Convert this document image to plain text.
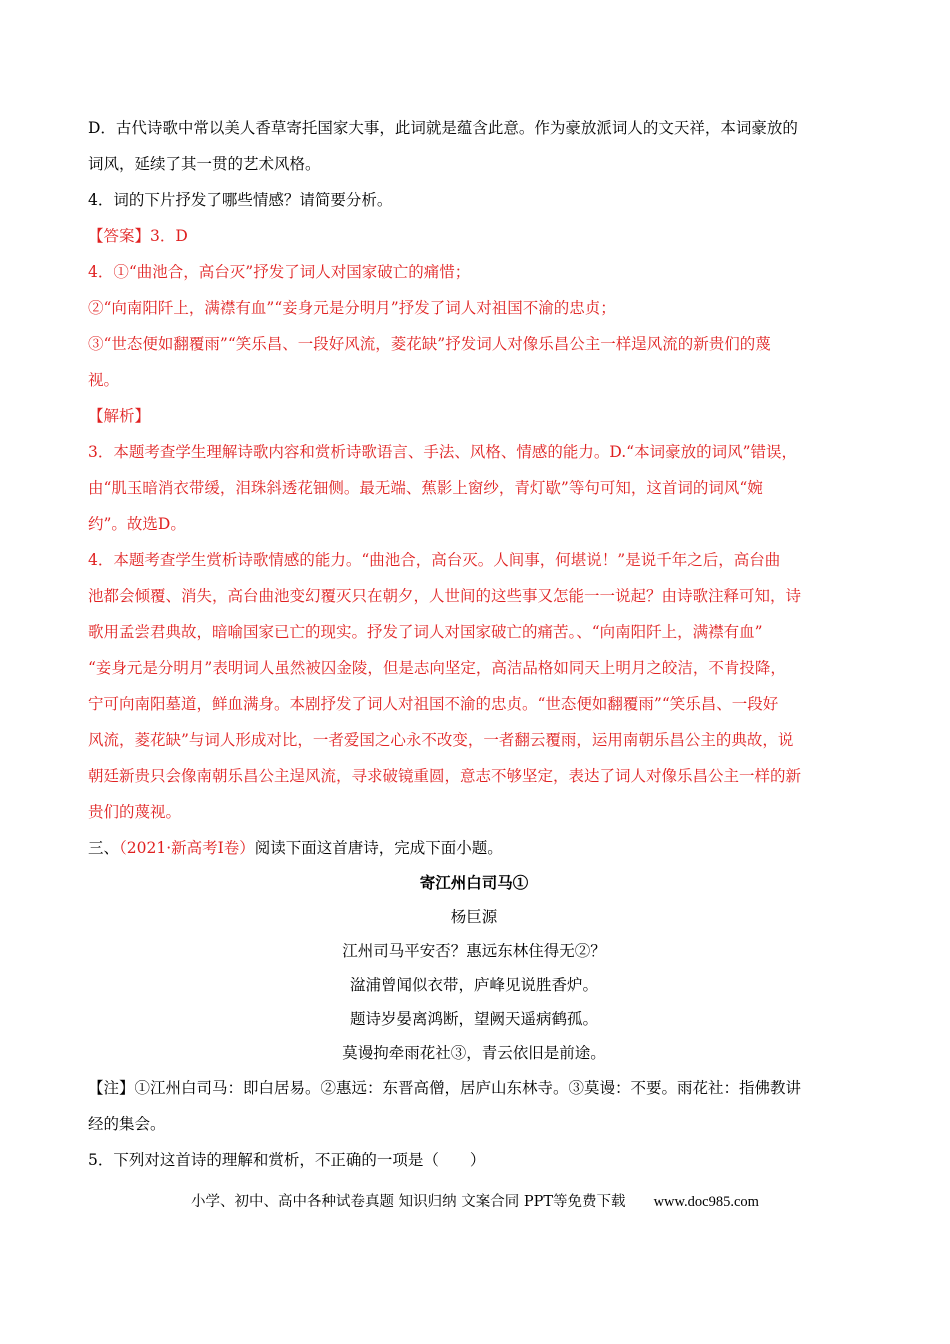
D．古代诗歌中常以美人香草寄托国家大事，此词就是蕴含此意。作为豪放派词人的文天祥，本词豪放的

词风，延续了其一贯的艺术风格。

4．词的下片抒发了哪些情感？请简要分析。

【答案】3．D

4．①“曲池合，高台灭”抒发了词人对国家破亡的痛惜；

②“向南阳阡上，满襟有血”“妾身元是分明月”抒发了词人对祖国不渝的忠贞；

③“世态便如翻覆雨”“笑乐昌、一段好风流，菱花缺”抒发词人对像乐昌公主一样逞风流的新贵们的蔑

视。

【解析】

3．本题考查学生理解诗歌内容和赏析诗歌语言、手法、风格、情感的能力。D.“本词豪放的词风”错误，

由“肌玉暗消衣带缓，泪珠斜透花钿侧。最无端、蕉影上窗纱，青灯歇”等句可知，这首词的词风“婉

约”。故选D。

4．本题考查学生赏析诗歌情感的能力。“曲池合，高台灭。人间事，何堪说！”是说千年之后，高台曲

池都会倾覆、消失，高台曲池变幻覆灭只在朝夕，人世间的这些事又怎能一一说起？由诗歌注释可知，诗

歌用孟尝君典故，暗喻国家已亡的现实。抒发了词人对国家破亡的痛苦。、“向南阳阡上，满襟有血”

“妾身元是分明月”表明词人虽然被囚金陵，但是志向坚定，高洁品格如同天上明月之皎洁，不肯投降，

宁可向南阳墓道，鲜血满身。本剧抒发了词人对祖国不渝的忠贞。“世态便如翻覆雨”“笑乐昌、一段好

风流，菱花缺”与词人形成对比，一者爱国之心永不改变，一者翻云覆雨，运用南朝乐昌公主的典故，说

朝廷新贵只会像南朝乐昌公主逞风流，寻求破镜重圆，意志不够坚定，表达了词人对像乐昌公主一样的新

贵们的蔑视。

三、（2021·新高考I卷）阅读下面这首唐诗，完成下面小题。

寄江州白司马①

杨巨源

江州司马平安否？惠远东林住得无②？

湓浦曾闻似衣带，庐峰见说胜香炉。

题诗岁晏离鸿断，望阙天遥病鹤孤。

莫谩拘牵雨花社③，青云依旧是前途。

【注】①江州白司马：即白居易。②惠远：东晋高僧，居庐山东林寺。③莫谩：不要。雨花社：指佛教讲

经的集会。

5．下列对这首诗的理解和赏析，不正确的一项是（　　）

小学、初中、高中各种试卷真题 知识归纳 文案合同 PPT等免费下载 www.doc985.com
